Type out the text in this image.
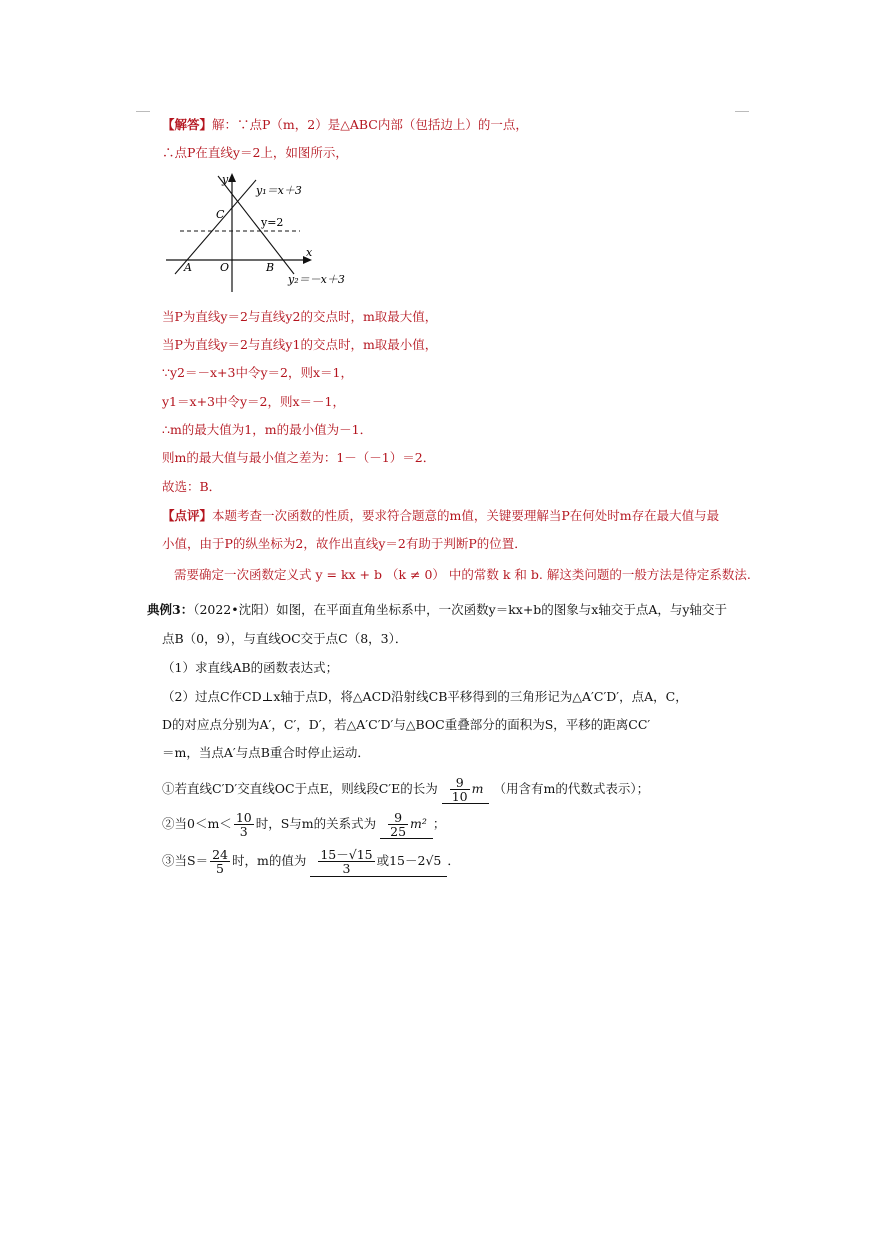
【解答】解：∵点P（m，2）是△ABC内部（包括边上）的一点，
∴点P在直线y＝2上，如图所示，
y
x
y₁＝x＋3
y=2
C
A	O	B
y₂＝－x＋3
当P为直线y＝2与直线y2的交点时，m取最大值，
当P为直线y＝2与直线y1的交点时，m取最小值，
∵y2＝－x+3中令y＝2，则x＝1，
y1＝x+3中令y＝2，则x＝－1，
∴m的最大值为1，m的最小值为－1．
则m的最大值与最小值之差为：1－（－1）＝2．
故选：B．
【点评】本题考查一次函数的性质，要求符合题意的m值，关键要理解当P在何处时m存在最大值与最
小值，由于P的纵坐标为2，故作出直线y＝2有助于判断P的位置．
需要确定一次函数定义式 y = kx + b （k ≠ 0） 中的常数 k 和 b. 解这类问题的一般方法是待定系数法.
典例3：（2022•沈阳）如图，在平面直角坐标系中，一次函数y＝kx+b的图象与x轴交于点A，与y轴交于
点B（0，9），与直线OC交于点C（8，3）．
（1）求直线AB的函数表达式；
（2）过点C作CD⊥x轴于点D，将△ACD沿射线CB平移得到的三角形记为△A′C′D′，点A，C，
D的对应点分别为A′，C′，D′，若△A′C′D′与△BOC重叠部分的面积为S，平移的距离CC′
＝m，当点A′与点B重合时停止运动．
①若直线C′D′交直线OC于点E，则线段C′E的长为 $\frac{9}{10}$ m （用含有m的代数式表示）；
②当$0<m< \frac{10}{3}$ 时，S与m的关系式为 $\frac{9}{25} m^2$ ；
③当$S= \frac{24}{5}$ 时，m的值为 $\frac{15-√15}{3}$ 或15－2√5 ．
